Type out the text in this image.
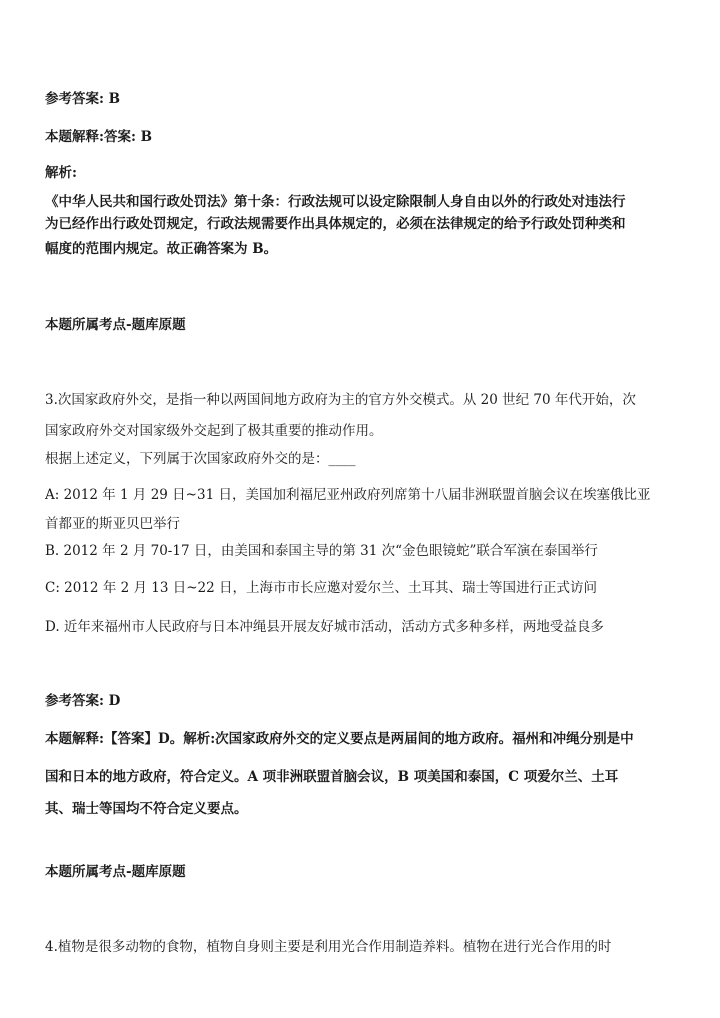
参考答案: B
本题解释:答案: B
解析:
《中华人民共和国行政处罚法》第十条：行政法规可以设定除限制人身自由以外的行政处对违法行
为已经作出行政处罚规定，行政法规需要作出具体规定的，必须在法律规定的给予行政处罚种类和
幅度的范围内规定。故正确答案为 B。
本题所属考点-题库原题
3.次国家政府外交，是指一种以两国间地方政府为主的官方外交模式。从 20 世纪 70 年代开始，次
国家政府外交对国家级外交起到了极其重要的推动作用。
根据上述定义，下列属于次国家政府外交的是：____
A: 2012 年 1 月 29 日~31 日，美国加利福尼亚州政府列席第十八届非洲联盟首脑会议在埃塞俄比亚
首都亚的斯亚贝巴举行
B. 2012 年 2 月 70-17 日，由美国和泰国主导的第 31 次“金色眼镜蛇”联合军演在泰国举行
C: 2012 年 2 月 13 日~22 日，上海市市长应邀对爱尔兰、土耳其、瑞士等国进行正式访问
D. 近年来福州市人民政府与日本冲绳县开展友好城市活动，活动方式多种多样，两地受益良多
参考答案: D
本题解释:【答案】D。解析:次国家政府外交的定义要点是两届间的地方政府。福州和冲绳分别是中
国和日本的地方政府，符合定义。A 项非洲联盟首脑会议，B 项美国和泰国，C 项爱尔兰、土耳
其、瑞士等国均不符合定义要点。
本题所属考点-题库原题
4.植物是很多动物的食物，植物自身则主要是利用光合作用制造养料。植物在进行光合作用的时
